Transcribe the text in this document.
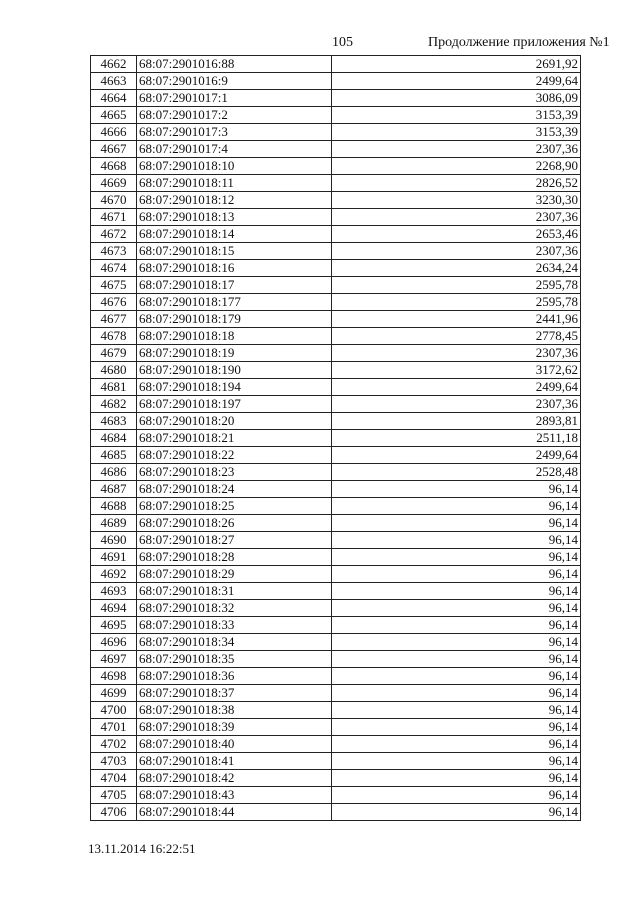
105	Продолжение приложения №1
4662	68:07:2901016:88	2691,92
4663	68:07:2901016:9	2499,64
4664	68:07:2901017:1	3086,09
4665	68:07:2901017:2	3153,39
4666	68:07:2901017:3	3153,39
4667	68:07:2901017:4	2307,36
4668	68:07:2901018:10	2268,90
4669	68:07:2901018:11	2826,52
4670	68:07:2901018:12	3230,30
4671	68:07:2901018:13	2307,36
4672	68:07:2901018:14	2653,46
4673	68:07:2901018:15	2307,36
4674	68:07:2901018:16	2634,24
4675	68:07:2901018:17	2595,78
4676	68:07:2901018:177	2595,78
4677	68:07:2901018:179	2441,96
4678	68:07:2901018:18	2778,45
4679	68:07:2901018:19	2307,36
4680	68:07:2901018:190	3172,62
4681	68:07:2901018:194	2499,64
4682	68:07:2901018:197	2307,36
4683	68:07:2901018:20	2893,81
4684	68:07:2901018:21	2511,18
4685	68:07:2901018:22	2499,64
4686	68:07:2901018:23	2528,48
4687	68:07:2901018:24	96,14
4688	68:07:2901018:25	96,14
4689	68:07:2901018:26	96,14
4690	68:07:2901018:27	96,14
4691	68:07:2901018:28	96,14
4692	68:07:2901018:29	96,14
4693	68:07:2901018:31	96,14
4694	68:07:2901018:32	96,14
4695	68:07:2901018:33	96,14
4696	68:07:2901018:34	96,14
4697	68:07:2901018:35	96,14
4698	68:07:2901018:36	96,14
4699	68:07:2901018:37	96,14
4700	68:07:2901018:38	96,14
4701	68:07:2901018:39	96,14
4702	68:07:2901018:40	96,14
4703	68:07:2901018:41	96,14
4704	68:07:2901018:42	96,14
4705	68:07:2901018:43	96,14
4706	68:07:2901018:44	96,14
13.11.2014 16:22:51
